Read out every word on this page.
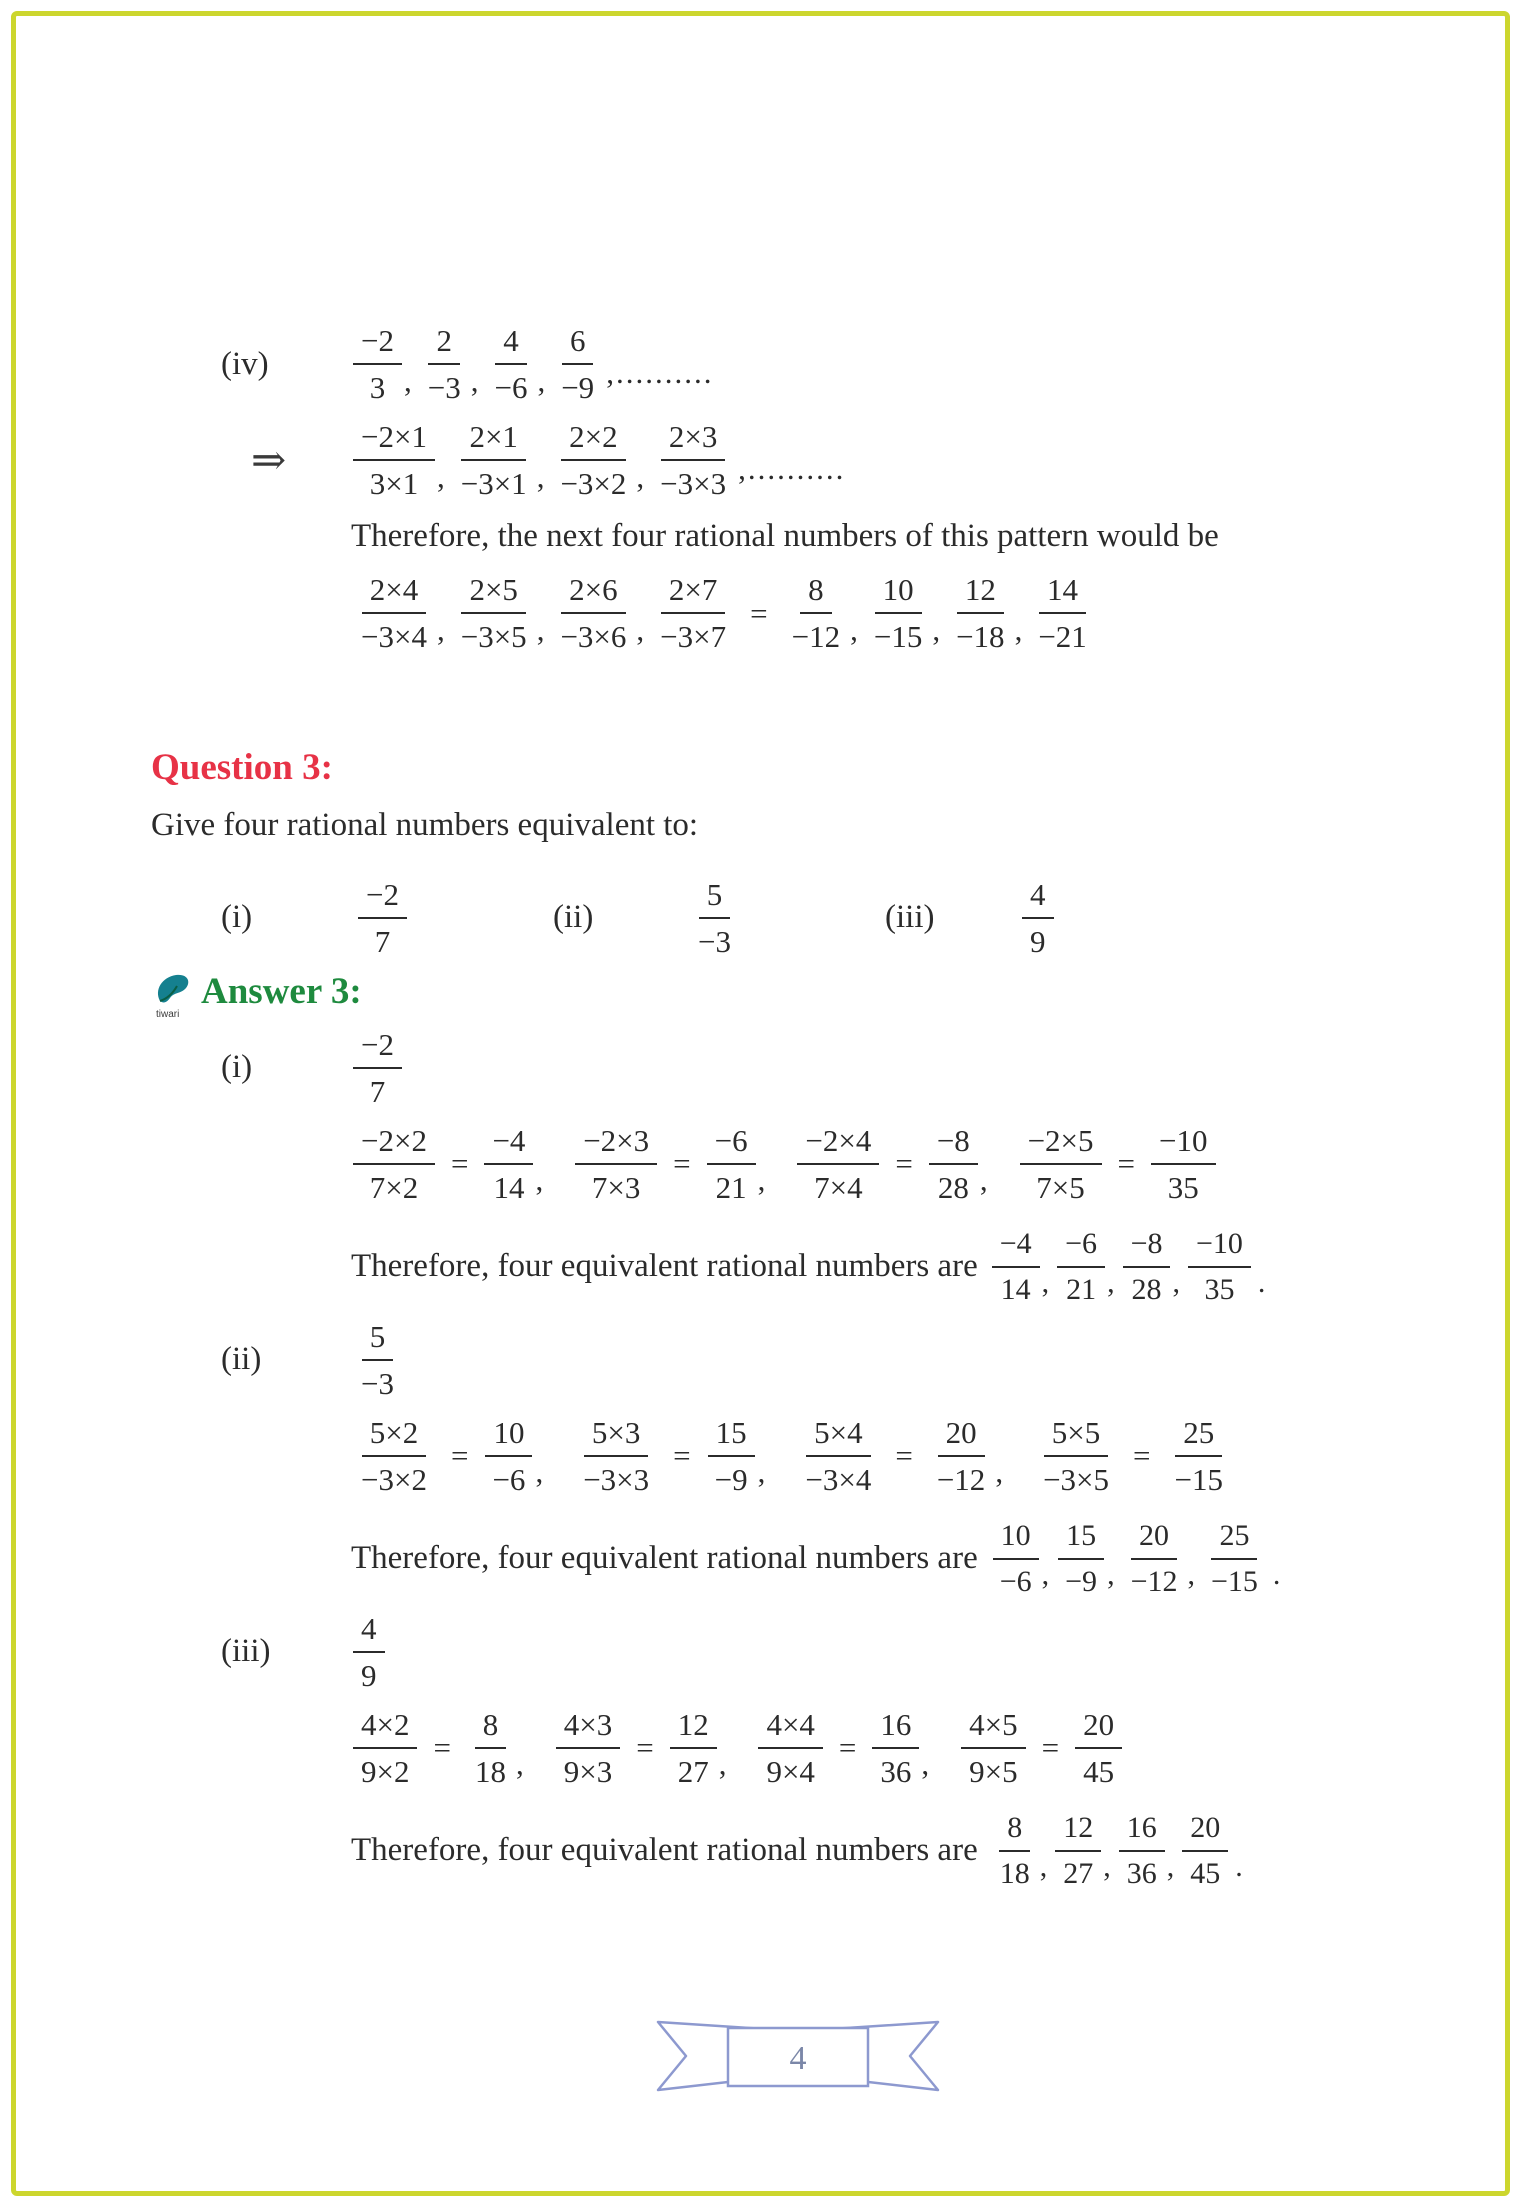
(iv)	$\frac{-2}{3}$ , $\frac{2}{-3}$ , $\frac{4}{-6}$ , $\frac{6}{-9}$ ,..........
⇒	$\frac{-2\times 1}{3\times 1}$ , $\frac{2\times 1}{-3\times 1}$ , $\frac{2\times 2}{-3\times 2}$ , $\frac{2\times 3}{-3\times 3}$ ,..........

Therefore, the next four rational numbers of this pattern would be

$\frac{2\times 4}{-3\times 4}$ , $\frac{2\times 5}{-3\times 5}$ , $\frac{2\times 6}{-3\times 6}$ , $\frac{2\times 7}{-3\times 7} = \frac{8}{-12}$ , $\frac{10}{-15}$ , $\frac{12}{-18}$ , $\frac{14}{-21}$
Question 3:

Give four rational numbers equivalent to:

(i)	$\frac{-2}{7}$	(ii)	$\frac{5}{-3}$	(iii)	$\frac{4}{9}$
tiwari
Answer 3:
(i)	$\frac{-2}{7}$
$\frac{-2\times 2}{7\times 2} = \frac{-4}{14}$ , $\frac{-2\times 3}{7\times 3} = \frac{-6}{21}$ , $\frac{-2\times 4}{7\times 4} = \frac{-8}{28}$ , $\frac{-2\times 5}{7\times 5} = \frac{-10}{35}$
Therefore, four equivalent rational numbers are $\frac{-4}{14}$ , $\frac{-6}{21}$ , $\frac{-8}{28}$ , $\frac{-10}{35}$ .
(ii)	$\frac{5}{-3}$
$\frac{5\times 2}{-3\times 2} = \frac{10}{-6}$ , $\frac{5\times 3}{-3\times 3} = \frac{15}{-9}$ , $\frac{5\times 4}{-3\times 4} = \frac{20}{-12}$ , $\frac{5\times 5}{-3\times 5} = \frac{25}{-15}$
Therefore, four equivalent rational numbers are $\frac{10}{-6}$ , $\frac{15}{-9}$ , $\frac{20}{-12}$ , $\frac{25}{-15}$ .
(iii)	$\frac{4}{9}$
$\frac{4\times 2}{9\times 2} = \frac{8}{18}$ , $\frac{4\times 3}{9\times 3} = \frac{12}{27}$ , $\frac{4\times 4}{9\times 4} = \frac{16}{36}$ , $\frac{4\times 5}{9\times 5} = \frac{20}{45}$
Therefore, four equivalent rational numbers are $\frac{8}{18}$ , $\frac{12}{27}$ , $\frac{16}{36}$ , $\frac{20}{45}$ .
4
